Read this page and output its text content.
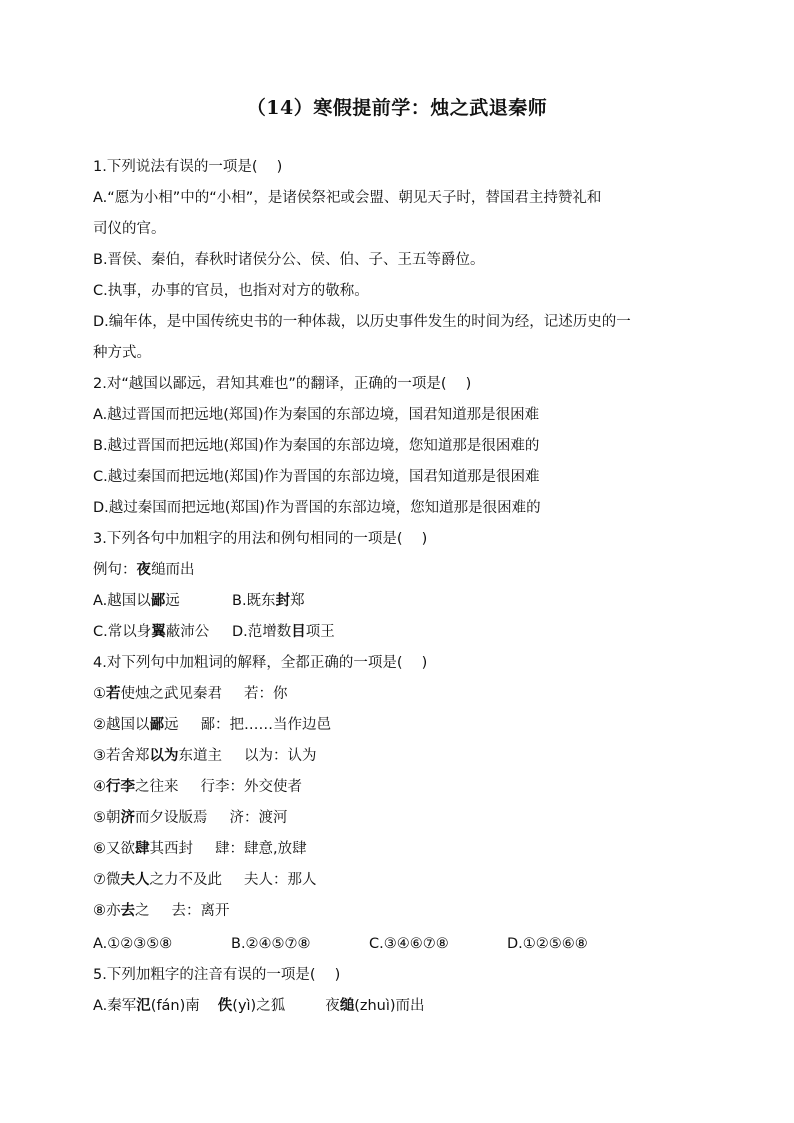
（14）寒假提前学：烛之武退秦师
1.下列说法有误的一项是(　 )
A.“愿为小相”中的“小相”，是诸侯祭祀或会盟、朝见天子时，替国君主持赞礼和
司仪的官。
B.晋侯、秦伯，春秋时诸侯分公、侯、伯、子、王五等爵位。
C.执事，办事的官员，也指对对方的敬称。
D.编年体，是中国传统史书的一种体裁，以历史事件发生的时间为经，记述历史的一
种方式。
2.对“越国以鄙远，君知其难也”的翻译，正确的一项是(　 )
A.越过晋国而把远地(郑国)作为秦国的东部边境，国君知道那是很困难
B.越过晋国而把远地(郑国)作为秦国的东部边境，您知道那是很困难的
C.越过秦国而把远地(郑国)作为晋国的东部边境，国君知道那是很困难
D.越过秦国而把远地(郑国)作为晋国的东部边境，您知道那是很困难的
3.下列各句中加粗字的用法和例句相同的一项是(　 )
例句：夜缒而出
A.越国以鄙远	B.既东封郑
C.常以身翼蔽沛公 D.范增数目项王
4.对下列句中加粗词的解释，全都正确的一项是(　 )
①若使烛之武见秦君 若：你
②越国以鄙远 鄙：把……当作边邑
③若舍郑以为东道主 以为：认为
④行李之往来 行李：外交使者
⑤朝济而夕设版焉 济：渡河
⑥又欲肆其西封 肆：肆意,放肆
⑦微夫人之力不及此 夫人：那人
⑧亦去之 去：离开
A.①②③⑤⑧	B.②④⑤⑦⑧	C.③④⑥⑦⑧	D.①②⑤⑥⑧
5.下列加粗字的注音有误的一项是(　 )
A.秦军氾(fán)南 佚(yì)之狐	夜缒(zhuì)而出
